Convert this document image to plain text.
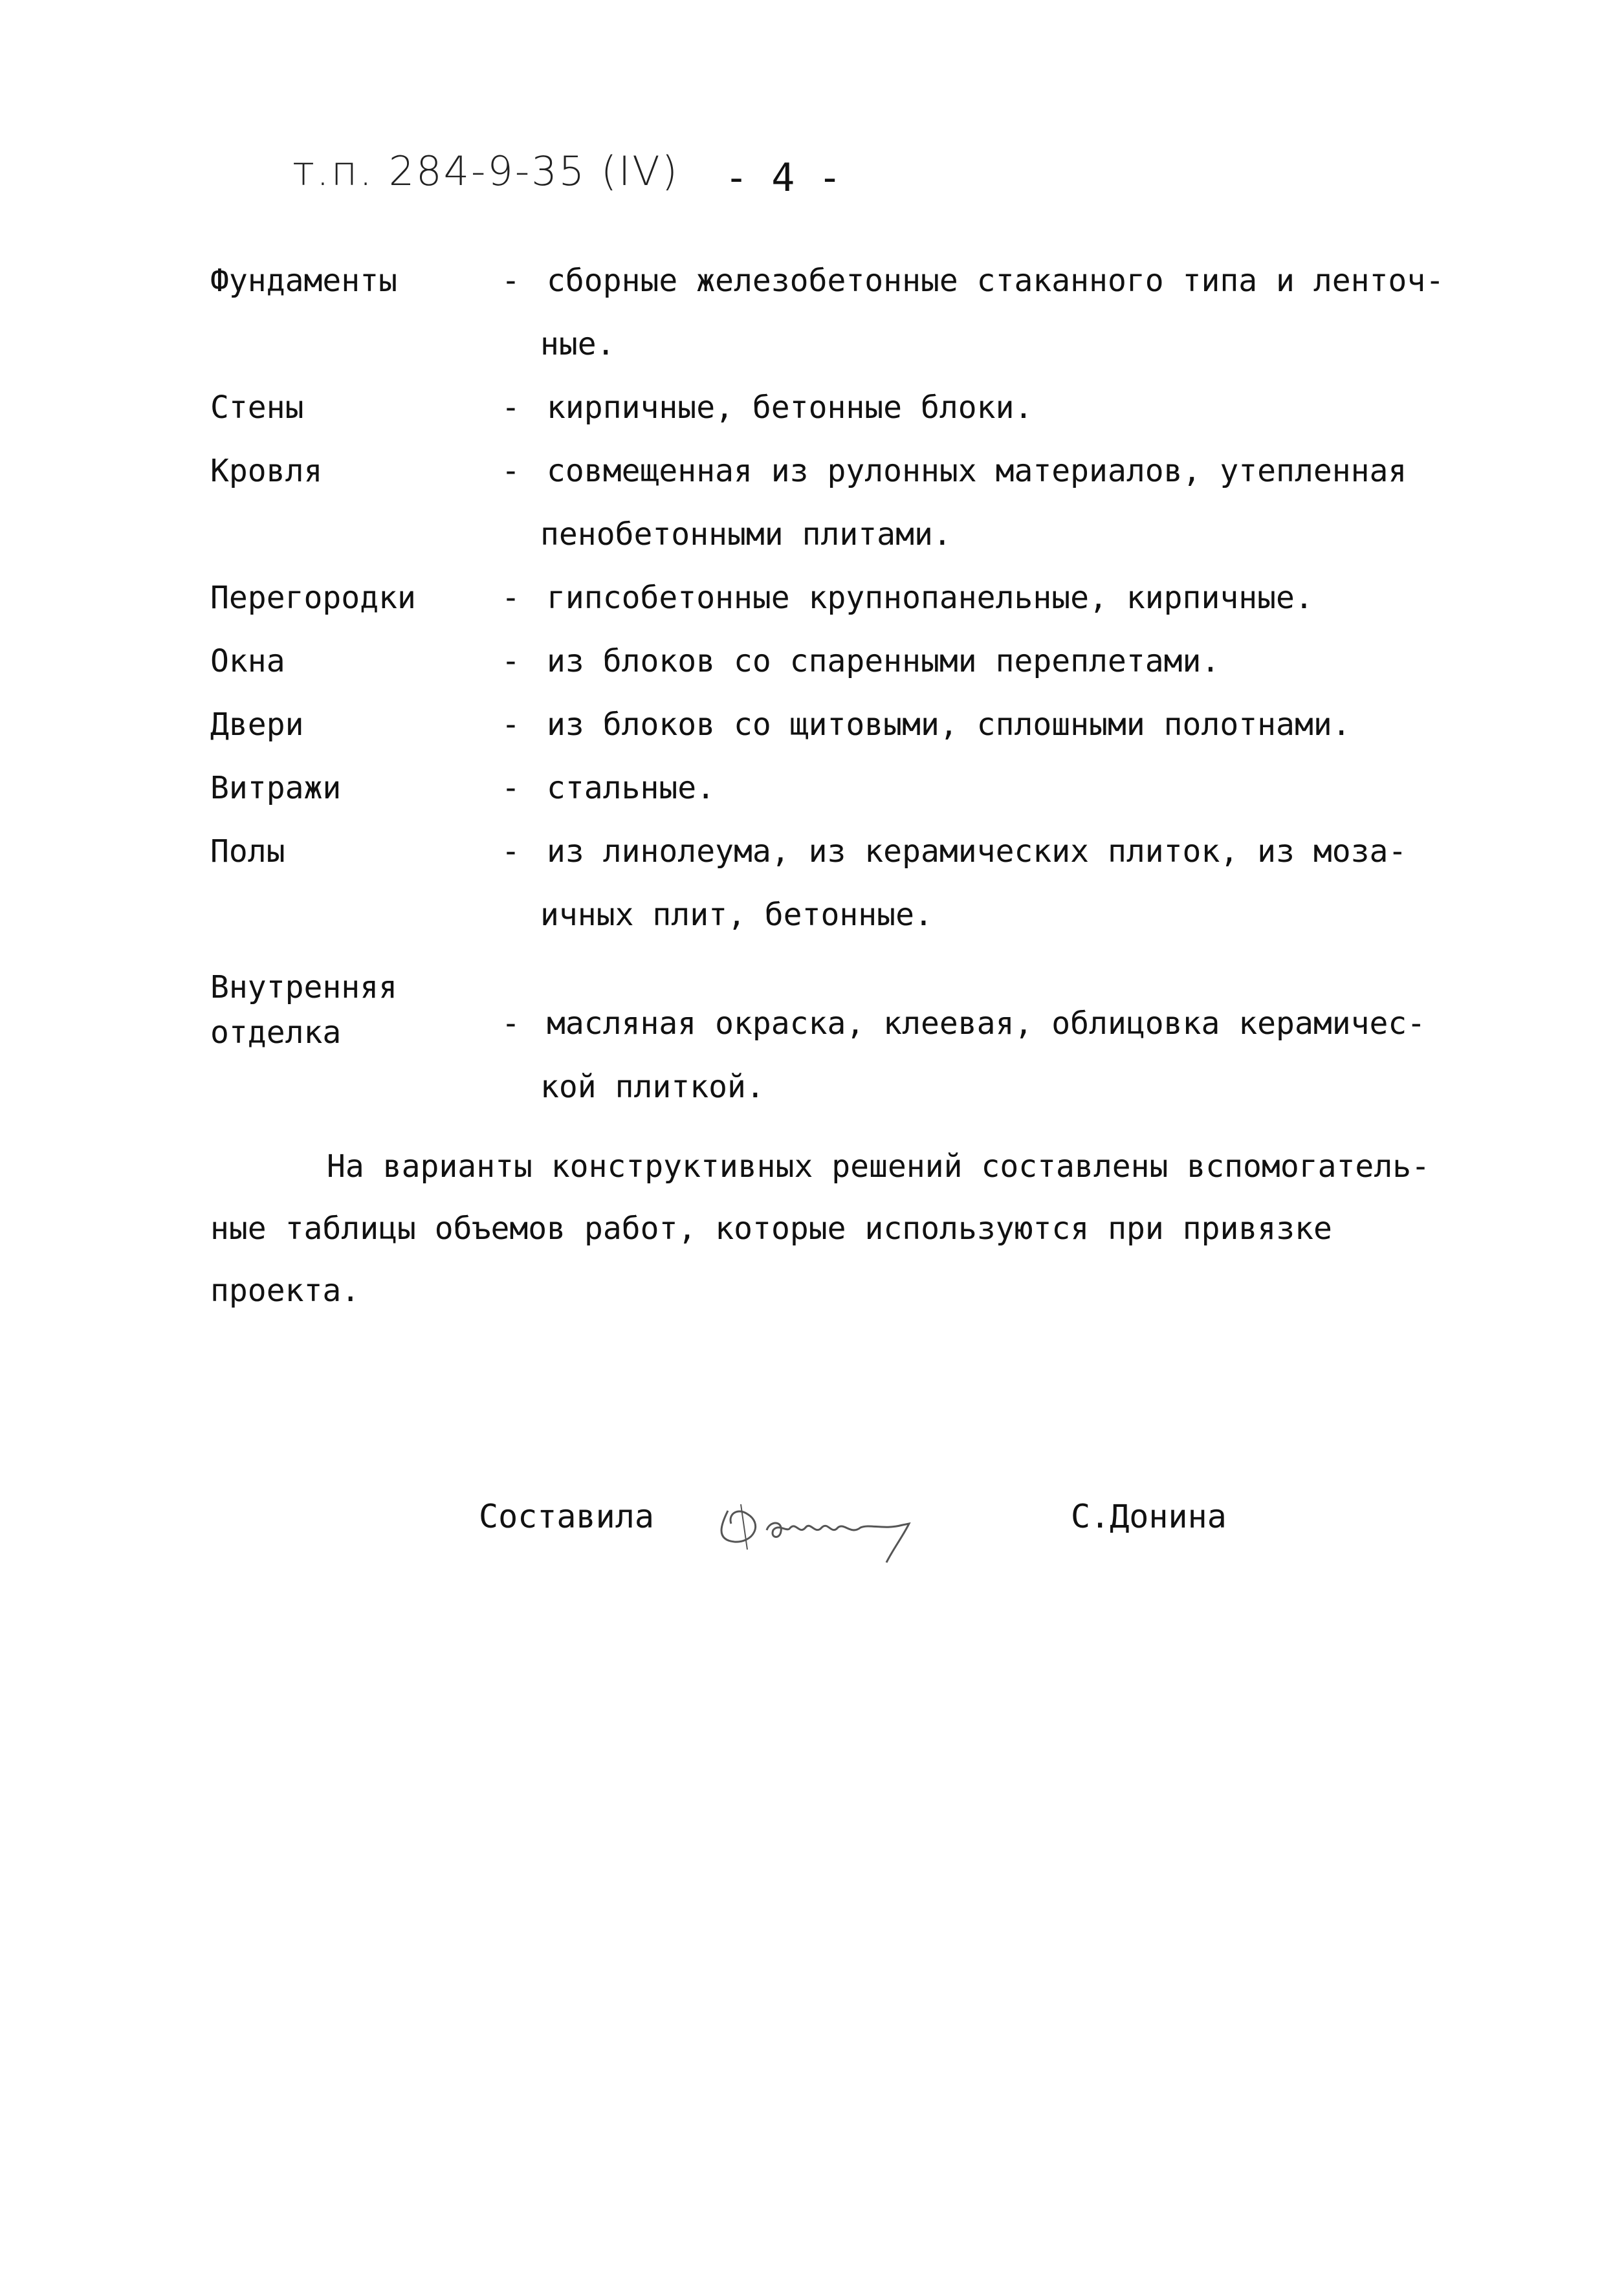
т.п. 284-9-35 (IV) - 4 -
Фундаменты	- сборные железобетонные стаканного типа и ленточ-
ные.
Стены	- кирпичные, бетонные блоки.
Кровля	- совмещенная из рулонных материалов, утепленная
пенобетонными плитами.
Перегородки	- гипсобетонные крупнопанельные, кирпичные.
Окна	- из блоков со спаренными переплетами.
Двери	- из блоков со щитовыми, сплошными полотнами.
Витражи	- стальные.
Полы	- из линолеума, из керамических плиток, из моза-
ичных плит, бетонные.
Внутренняя
отделка	- масляная окраска, клеевая, облицовка керамичес-
кой плиткой.
На варианты конструктивных решений составлены вспомогатель-
ные таблицы объемов работ, которые используются при привязке
проекта.
Составила	С.Донина
